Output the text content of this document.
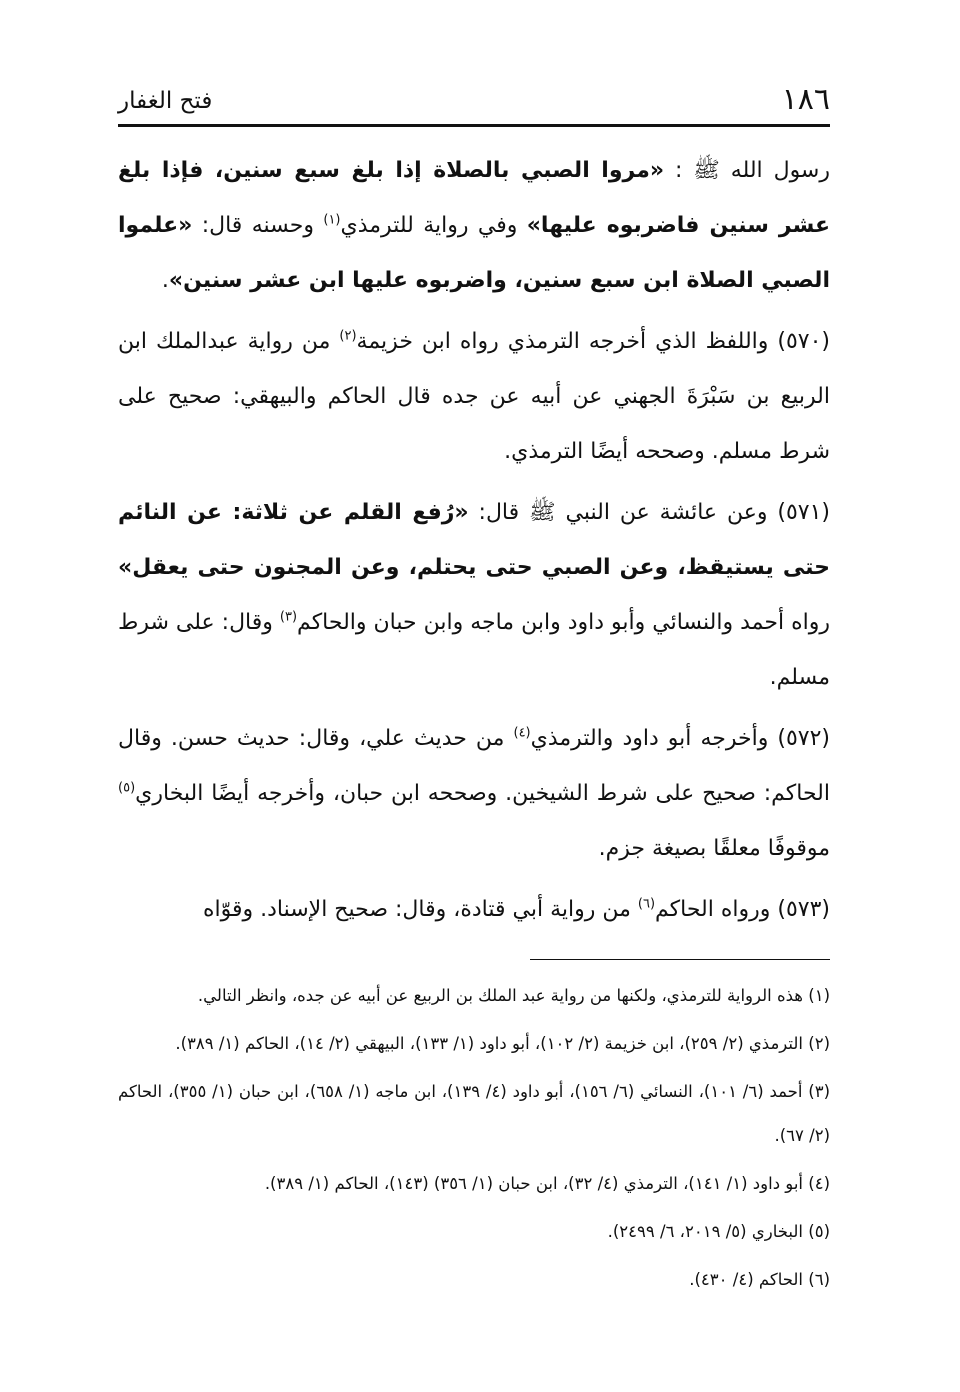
١٨٦
فتح الغفار

رسول الله ﷺ : «مروا الصبي بالصلاة إذا بلغ سبع سنين، فإذا بلغ عشر سنين فاضربوه عليها» وفي رواية للترمذي$^{(١)}$ وحسنه قال: «علموا الصبي الصلاة ابن سبع سنين، واضربوه عليها ابن عشر سنين».

(٥٧٠) واللفظ الذي أخرجه الترمذي رواه ابن خزيمة$^{(٢)}$ من رواية عبدالملك ابن الربيع بن سَبْرَةَ الجهني عن أبيه عن جده قال الحاكم والبيهقي: صحيح على شرط مسلم. وصححه أيضًا الترمذي.

(٥٧١) وعن عائشة عن النبي ﷺ قال: «رُفع القلم عن ثلاثة: عن النائم حتى يستيقظ، وعن الصبي حتى يحتلم، وعن المجنون حتى يعقل» رواه أحمد والنسائي وأبو داود وابن ماجه وابن حبان والحاكم$^{(٣)}$ وقال: على شرط مسلم.

(٥٧٢) وأخرجه أبو داود والترمذي$^{(٤)}$ من حديث علي، وقال: حديث حسن. وقال الحاكم: صحيح على شرط الشيخين. وصححه ابن حبان، وأخرجه أيضًا البخاري$^{(٥)}$ موقوفًا معلقًا بصيغة جزم.

(٥٧٣) ورواه الحاكم$^{(٦)}$ من رواية أبي قتادة، وقال: صحيح الإسناد. وقوّاه

(١) هذه الرواية للترمذي، ولكنها من رواية عبد الملك بن الربيع عن أبيه عن جده، وانظر التالي.

(٢) الترمذي (٢/ ٢٥٩)، ابن خزيمة (٢/ ١٠٢)، أبو داود (١/ ١٣٣)، البيهقي (٢/ ١٤)، الحاكم (١/ ٣٨٩).

(٣) أحمد (٦/ ١٠١)، النسائي (٦/ ١٥٦)، أبو داود (٤/ ١٣٩)، ابن ماجه (١/ ٦٥٨)، ابن حبان (١/ ٣٥٥)، الحاكم (٢/ ٦٧).

(٤) أبو داود (١/ ١٤١)، الترمذي (٤/ ٣٢)، ابن حبان (١/ ٣٥٦) (١٤٣)، الحاكم (١/ ٣٨٩).

(٥) البخاري (٥/ ٢٠١٩، ٦/ ٢٤٩٩).

(٦) الحاكم (٤/ ٤٣٠).
